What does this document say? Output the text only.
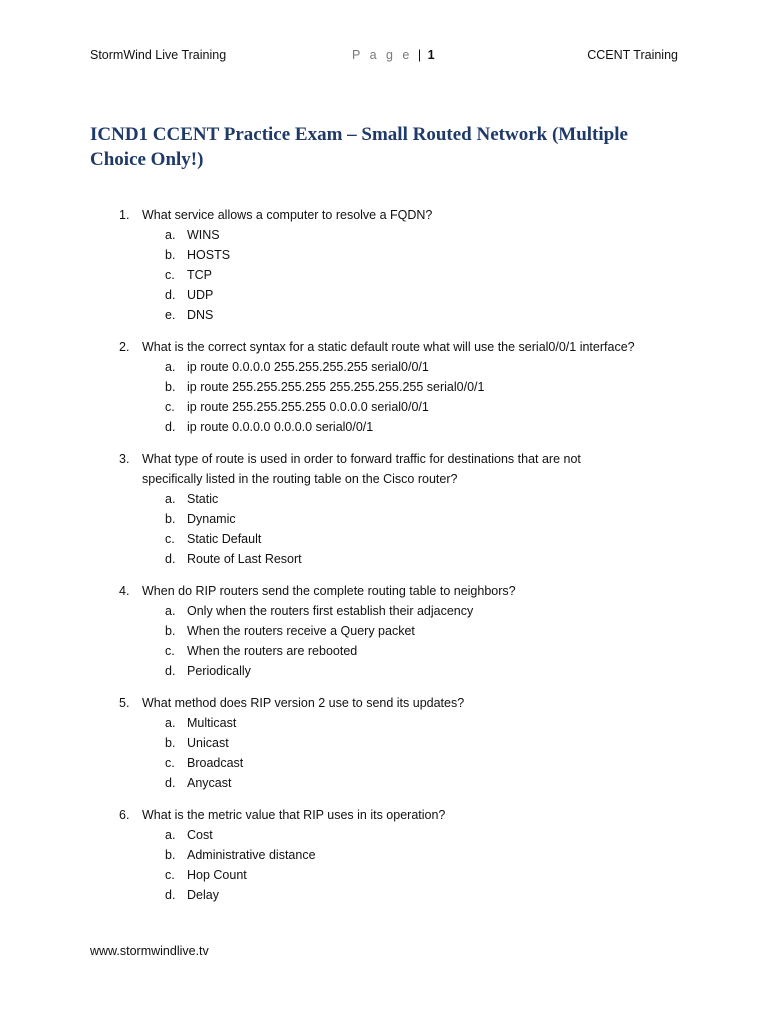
StormWind Live Training	P a g e | 1	CCENT Training
ICND1 CCENT Practice Exam – Small Routed Network (Multiple Choice Only!)
1. What service allows a computer to resolve a FQDN?
a. WINS
b. HOSTS
c. TCP
d. UDP
e. DNS
2. What is the correct syntax for a static default route what will use the serial0/0/1 interface?
a. ip route 0.0.0.0 255.255.255.255 serial0/0/1
b. ip route 255.255.255.255 255.255.255.255 serial0/0/1
c. ip route 255.255.255.255 0.0.0.0 serial0/0/1
d. ip route 0.0.0.0 0.0.0.0 serial0/0/1
3. What type of route is used in order to forward traffic for destinations that are not specifically listed in the routing table on the Cisco router?
a. Static
b. Dynamic
c. Static Default
d. Route of Last Resort
4. When do RIP routers send the complete routing table to neighbors?
a. Only when the routers first establish their adjacency
b. When the routers receive a Query packet
c. When the routers are rebooted
d. Periodically
5. What method does RIP version 2 use to send its updates?
a. Multicast
b. Unicast
c. Broadcast
d. Anycast
6. What is the metric value that RIP uses in its operation?
a. Cost
b. Administrative distance
c. Hop Count
d. Delay
www.stormwindlive.tv
